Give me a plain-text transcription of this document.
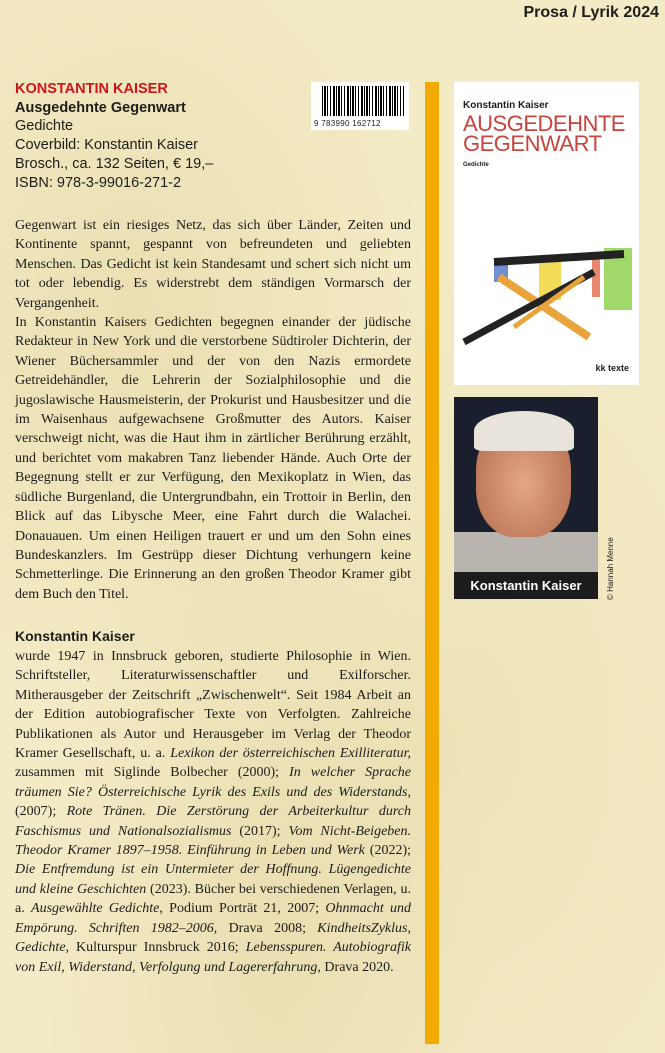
Prosa / Lyrik 2024
KONSTANTIN KAISER
Ausgedehnte Gegenwart
Gedichte
Coverbild: Konstantin Kaiser
Brosch., ca. 132 Seiten, € 19,–
ISBN: 978-3-99016-271-2
9 783990 162712

Gegenwart ist ein riesiges Netz, das sich über Länder, Zeiten und Kontinente spannt, gespannt von befreundeten und geliebten Menschen. Das Gedicht ist kein Standesamt und schert sich nicht um tot oder lebendig. Es widerstrebt dem ständigen Vormarsch der Vergangenheit.

In Konstantin Kaisers Gedichten begegnen einander der jüdische Redakteur in New York und die verstorbene Südtiroler Dichterin, der Wiener Büchersammler und der von den Nazis ermordete Getreidehändler, die Lehrerin der Sozialphilosophie und die jugoslawische Hausmeisterin, der Prokurist und Hausbesitzer und die im Waisenhaus aufgewachsene Großmutter des Autors. Kaiser verschweigt nicht, was die Haut ihm in zärtlicher Berührung erzählt, und berichtet vom makabren Tanz liebender Hände. Auch Orte der Begegnung stellt er zur Verfügung, den Mexikoplatz in Wien, das südliche Burgenland, die Untergrundbahn, ein Trottoir in Berlin, den Blick auf das Libysche Meer, eine Fahrt durch die Walachei. Donauauen. Um einen Heiligen trauert er und um den Sohn eines Bundeskanzlers. Im Gestrüpp dieser Dichtung verhungern keine Schmetterlinge. Die Erinnerung an den großen Theodor Kramer gibt dem Buch den Titel.

Konstantin Kaiser
wurde 1947 in Innsbruck geboren, studierte Philosophie in Wien. Schriftsteller, Literaturwissenschaftler und Exilforscher. Mitherausgeber der Zeitschrift „Zwischenwelt“. Seit 1984 Arbeit an der Edition autobiografischer Texte von Verfolgten. Zahlreiche Publikationen als Autor und Herausgeber im Verlag der Theodor Kramer Gesellschaft, u. a. Lexikon der österreichischen Exilliteratur, zusammen mit Siglinde Bolbecher (2000); In welcher Sprache träumen Sie? Österreichische Lyrik des Exils und des Widerstands, (2007); Rote Tränen. Die Zerstörung der Arbeiterkultur durch Faschismus und Nationalsozialismus (2017); Vom Nicht-Beigeben. Theodor Kramer 1897–1958. Einführung in Leben und Werk (2022); Die Entfremdung ist ein Untermieter der Hoffnung. Lügengedichte und kleine Geschichten (2023). Bücher bei verschiedenen Verlagen, u. a. Ausgewählte Gedichte, Podium Porträt 21, 2007; Ohnmacht und Empörung. Schriften 1982–2006, Drava 2008; KindheitsZyklus, Gedichte, Kulturspur Innsbruck 2016; Lebensspuren. Autobiografik von Exil, Widerstand, Verfolgung und Lagererfahrung, Drava 2020.
Konstantin Kaiser
AUSGEDEHNTE
GEGENWART
Gedichte
kk texte
Konstantin Kaiser	© Hannah Menne
